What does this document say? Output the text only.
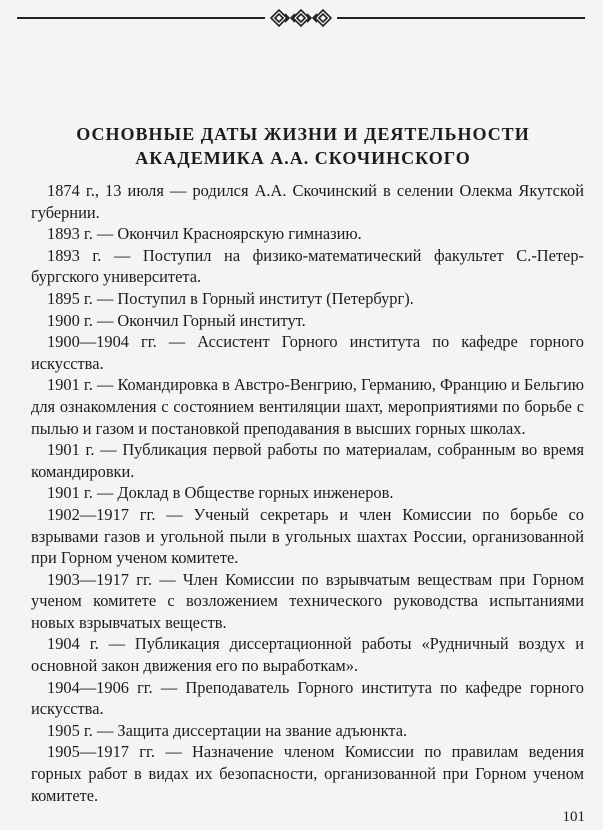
ОСНОВНЫЕ ДАТЫ ЖИЗНИ И ДЕЯТЕЛЬНОСТИ
АКАДЕМИКА А.А. СКОЧИНСКОГО

1874 г., 13 июля — родился А.А. Скочинский в селении Олекма Якутской губернии.

1893 г. — Окончил Красноярскую гимназию.

1893 г. — Поступил на физико-математический факультет С.-Петербургского университета.

1895 г. — Поступил в Горный институт (Петербург).

1900 г. — Окончил Горный институт.

1900—1904 гг. — Ассистент Горного института по кафедре горного искусства.

1901 г. — Командировка в Австро-Венгрию, Германию, Францию и Бельгию для ознакомления с состоянием вентиляции шахт, мероприятиями по борьбе с пылью и газом и постановкой преподавания в высших горных школах.

1901 г. — Публикация первой работы по материалам, собранным во время командировки.

1901 г. — Доклад в Обществе горных инженеров.

1902—1917 гг. — Ученый секретарь и член Комиссии по борьбе со взрывами газов и угольной пыли в угольных шахтах России, организованной при Горном ученом комитете.

1903—1917 гг. — Член Комиссии по взрывчатым веществам при Горном ученом комитете с возложением технического руководства испытаниями новых взрывчатых веществ.

1904 г. — Публикация диссертационной работы «Рудничный воздух и основной закон движения его по выработкам».

1904—1906 гг. — Преподаватель Горного института по кафедре горного искусства.

1905 г. — Защита диссертации на звание адъюнкта.

1905—1917 гг. — Назначение членом Комиссии по правилам ведения горных работ в видах их безопасности, организованной при Горном ученом комитете.

101
